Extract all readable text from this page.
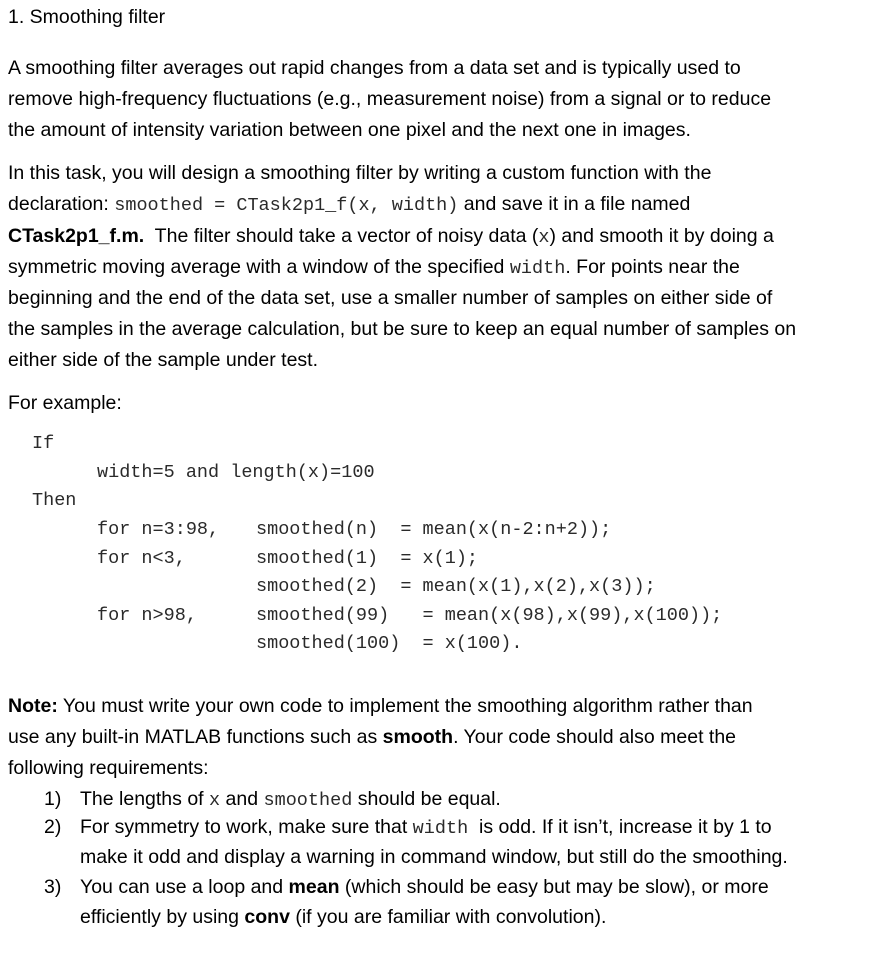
1. Smoothing filter
A smoothing filter averages out rapid changes from a data set and is typically used to
remove high-frequency fluctuations (e.g., measurement noise) from a signal or to reduce
the amount of intensity variation between one pixel and the next one in images.
In this task, you will design a smoothing filter by writing a custom function with the
declaration: smoothed = CTask2p1_f(x, width) and save it in a file named
CTask2p1_f.m.  The filter should take a vector of noisy data (x) and smooth it by doing a
symmetric moving average with a window of the specified width. For points near the
beginning and the end of the data set, use a smaller number of samples on either side of
the samples in the average calculation, but be sure to keep an equal number of samples on
either side of the sample under test.
For example:
If
width=5 and length(x)=100
Then
for n=3:98, smoothed(n)  = mean(x(n-2:n+2));
for n<3,	smoothed(1)  = x(1);
smoothed(2)  = mean(x(1),x(2),x(3));
for n>98,	smoothed(99)   = mean(x(98),x(99),x(100));
smoothed(100)  = x(100).
Note: You must write your own code to implement the smoothing algorithm rather than
use any built-in MATLAB functions such as smooth. Your code should also meet the
following requirements:
1) The lengths of x and smoothed should be equal.
2) For symmetry to work, make sure that width  is odd. If it isn’t, increase it by 1 to
make it odd and display a warning in command window, but still do the smoothing.
3) You can use a loop and mean (which should be easy but may be slow), or more
efficiently by using conv (if you are familiar with convolution).
